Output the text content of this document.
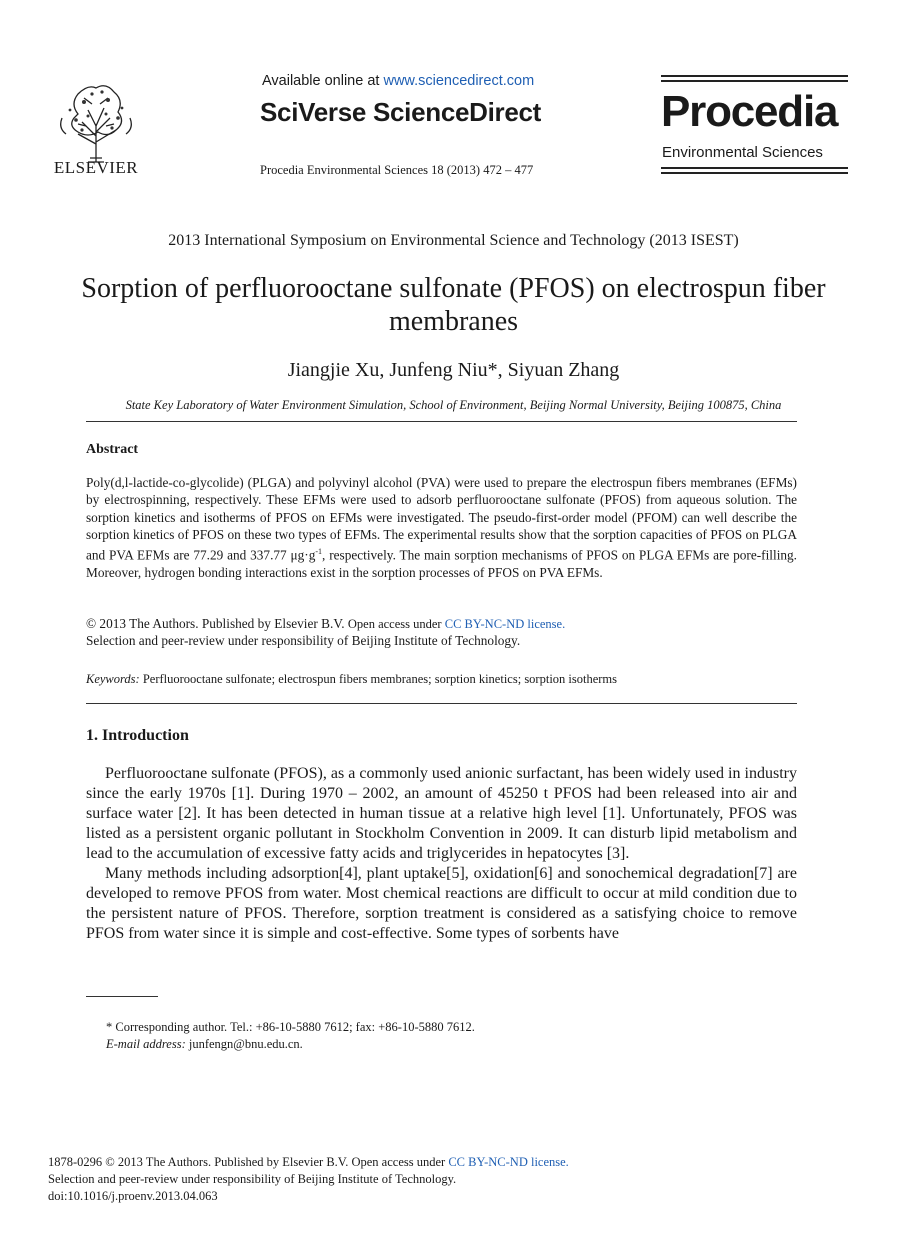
ELSEVIER
Available online at www.sciencedirect.com
SciVerse ScienceDirect
Procedia Environmental Sciences 18 (2013) 472 – 477
Procedia
Environmental Sciences
2013 International Symposium on Environmental Science and Technology (2013 ISEST)
Sorption of perfluorooctane sulfonate (PFOS) on electrospun fiber membranes
Jiangjie Xu, Junfeng Niu*, Siyuan Zhang
State Key Laboratory of Water Environment Simulation, School of Environment, Beijing Normal University, Beijing 100875, China
Abstract
Poly(d,l-lactide-co-glycolide) (PLGA) and polyvinyl alcohol (PVA) were used to prepare the electrospun fibers membranes (EFMs) by electrospinning, respectively. These EFMs were used to adsorb perfluorooctane sulfonate (PFOS) from aqueous solution. The sorption kinetics and isotherms of PFOS on EFMs were investigated. The pseudo-first-order model (PFOM) can well describe the sorption kinetics of PFOS on these two types of EFMs. The experimental results show that the sorption capacities of PFOS on PLGA and PVA EFMs are 77.29 and 337.77 $\mu g\cdot g^{-1}$, respectively. The main sorption mechanisms of PFOS on PLGA EFMs are pore-filling. Moreover, hydrogen bonding interactions exist in the sorption processes of PFOS on PVA EFMs.
© 2013 The Authors. Published by Elsevier B.V. Open access under CC BY-NC-ND license.
Selection and peer-review under responsibility of Beijing Institute of Technology.
Keywords: Perfluorooctane sulfonate; electrospun fibers membranes; sorption kinetics; sorption isotherms
1. Introduction

Perfluorooctane sulfonate (PFOS), as a commonly used anionic surfactant, has been widely used in industry since the early 1970s [1]. During 1970 – 2002, an amount of 45250 t PFOS had been released into air and surface water [2]. It has been detected in human tissue at a relative high level [1]. Unfortunately, PFOS was listed as a persistent organic pollutant in Stockholm Convention in 2009. It can disturb lipid metabolism and lead to the accumulation of excessive fatty acids and triglycerides in hepatocytes [3].

Many methods including adsorption[4], plant uptake[5], oxidation[6] and sonochemical degradation[7] are developed to remove PFOS from water. Most chemical reactions are difficult to occur at mild condition due to the persistent nature of PFOS. Therefore, sorption treatment is considered as a satisfying choice to remove PFOS from water since it is simple and cost-effective. Some types of sorbents have

* Corresponding author. Tel.: +86-10-5880 7612; fax: +86-10-5880 7612.
E-mail address: junfengn@bnu.edu.cn.
1878-0296 © 2013 The Authors. Published by Elsevier B.V. Open access under CC BY-NC-ND license.
Selection and peer-review under responsibility of Beijing Institute of Technology.
doi:10.1016/j.proenv.2013.04.063
